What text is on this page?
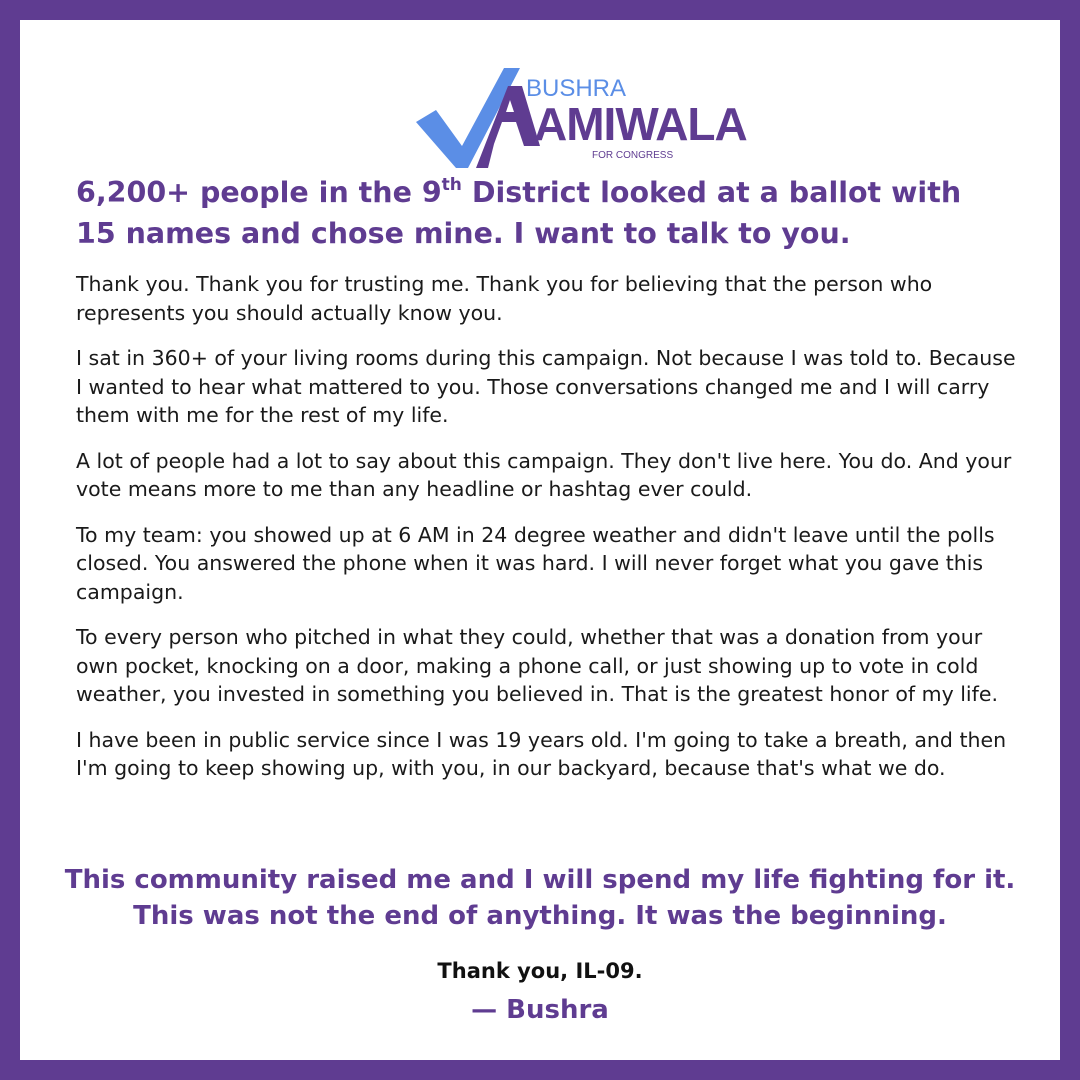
BUSHRA
AMIWALA
FOR CONGRESS
6,200+ people in the 9th District looked at a ballot with
15 names and chose mine. I want to talk to you.

Thank you. Thank you for trusting me. Thank you for believing that the person who represents you should actually know you.

I sat in 360+ of your living rooms during this campaign. Not because I was told to. Because I wanted to hear what mattered to you. Those conversations changed me and I will carry them with me for the rest of my life.

A lot of people had a lot to say about this campaign. They don't live here. You do. And your vote means more to me than any headline or hashtag ever could.

To my team: you showed up at 6 AM in 24 degree weather and didn't leave until the polls closed. You answered the phone when it was hard. I will never forget what you gave this campaign.

To every person who pitched in what they could, whether that was a donation from your own pocket, knocking on a door, making a phone call, or just showing up to vote in cold weather, you invested in something you believed in. That is the greatest honor of my life.

I have been in public service since I was 19 years old. I'm going to take a breath, and then I'm going to keep showing up, with you, in our backyard, because that's what we do.

This community raised me and I will spend my life fighting for it.
This was not the end of anything. It was the beginning.
Thank you, IL-09.
— Bushra
